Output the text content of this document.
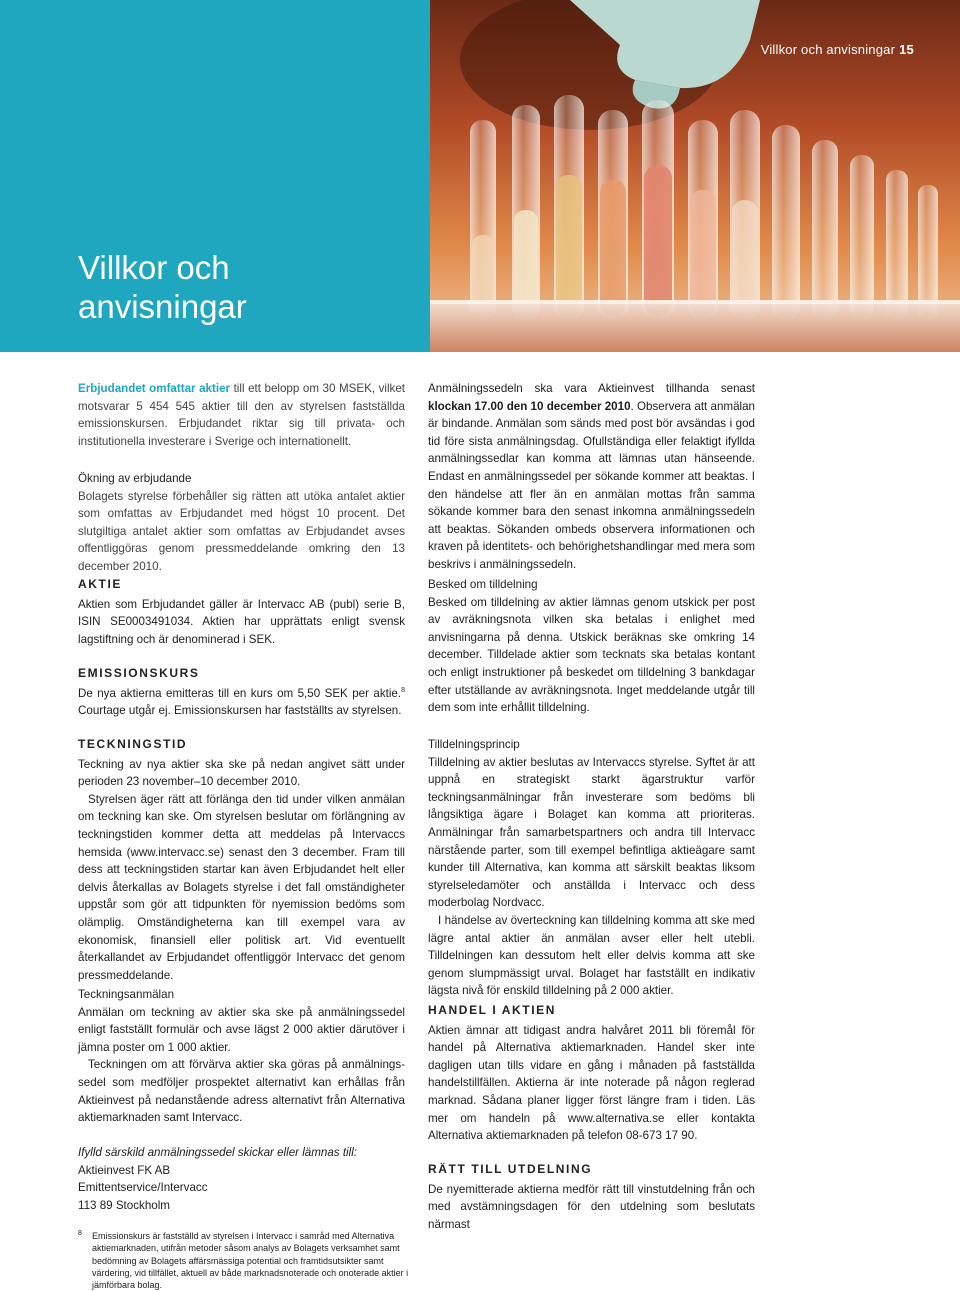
Villkor och
anvisningar
Villkor och anvisningar 15

Erbjudandet omfattar aktier till ett belopp om 30 MSEK, vilket motsvarar 5 454 545 aktier till den av styrelsen fastställda emissionskursen. Erbjudandet riktar sig till privata- och institutionella investerare i Sverige och internationellt.

Ökning av erbjudande

Bolagets styrelse förbehåller sig rätten att utöka antalet aktier som omfattas av Erbjudandet med högst 10 procent. Det slutgiltiga antalet aktier som omfattas av Erbjudandet avses offentliggöras genom pressmeddelande omkring den 13 december 2010.

AKTIE

Aktien som Erbjudandet gäller är Intervacc AB (publ) serie B, ISIN SE0003491034. Aktien har upprättats enligt svensk lagstiftning och är denominerad i SEK.

EMISSIONSKURS

De nya aktierna emitteras till en kurs om 5,50 SEK per aktie.$^8$ Courtage utgår ej. Emissionskursen har fastställts av styrelsen.

TECKNINGSTID

Teckning av nya aktier ska ske på nedan angivet sätt under perioden 23 november–10 december 2010.

Styrelsen äger rätt att förlänga den tid under vilken anmälan om teckning kan ske. Om styrelsen beslutar om förlängning av teckningstiden kommer detta att meddelas på Intervaccs hemsida (www.intervacc.se) senast den 3 december. Fram till dess att teckningstiden startar kan även Erbjudandet helt eller delvis återkallas av Bolagets styrelse i det fall omständigheter uppstår som gör att tidpunkten för nyemission bedöms som olämplig. Omständigheterna kan till exempel vara av ekonomisk, finansiell eller politisk art. Vid eventuellt återkallandet av Erbjudandet offentliggör Intervacc det genom pressmeddelande.

Teckningsanmälan

Anmälan om teckning av aktier ska ske på anmälningssedel enligt fastställt formulär och avse lägst 2 000 aktier därutöver i jämna poster om 1 000 aktier.

Teckningen om att förvärva aktier ska göras på anmälnings-sedel som medföljer prospektet alternativt kan erhållas från Aktieinvest på nedanstående adress alternativt från Alternativa aktiemarknaden samt Intervacc.

Ifylld särskild anmälningssedel skickar eller lämnas till:

Aktieinvest FK AB
Emittentservice/Intervacc
113 89 Stockholm

Anmälningssedeln ska vara Aktieinvest tillhanda senast klockan 17.00 den 10 december 2010. Observera att anmälan är bindande. Anmälan som sänds med post bör avsändas i god tid före sista anmälningsdag. Ofullständiga eller felaktigt ifyllda anmälningssedlar kan komma att lämnas utan hänseende. Endast en anmälningssedel per sökande kommer att beaktas. I den händelse att fler än en anmälan mottas från samma sökande kommer bara den senast inkomna anmälningssedeln att beaktas. Sökanden ombeds observera informationen och kraven på identitets- och behörighetshandlingar med mera som beskrivs i anmälningssedeln.

Besked om tilldelning

Besked om tilldelning av aktier lämnas genom utskick per post av avräkningsnota vilken ska betalas i enlighet med anvisningarna på denna. Utskick beräknas ske omkring 14 december. Tilldelade aktier som tecknats ska betalas kontant och enligt instruktioner på beskedet om tilldelning 3 bankdagar efter utställande av avräkningsnota. Inget meddelande utgår till dem som inte erhållit tilldelning.

Tilldelningsprincip

Tilldelning av aktier beslutas av Intervaccs styrelse. Syftet är att uppnå en strategiskt starkt ägarstruktur varför teckningsanmälningar från investerare som bedöms bli långsiktiga ägare i Bolaget kan komma att prioriteras. Anmälningar från samarbetspartners och andra till Intervacc närstående parter, som till exempel befintliga aktieägare samt kunder till Alternativa, kan komma att särskilt beaktas liksom styrelseledamöter och anställda i Intervacc och dess moderbolag Nordvacc.

I händelse av överteckning kan tilldelning komma att ske med lägre antal aktier än anmälan avser eller helt utebli. Tilldelningen kan dessutom helt eller delvis komma att ske genom slumpmässigt urval. Bolaget har fastställt en indikativ lägsta nivå för enskild tilldelning på 2 000 aktier.

HANDEL I AKTIEN

Aktien ämnar att tidigast andra halvåret 2011 bli föremål för handel på Alternativa aktiemarknaden. Handel sker inte dagligen utan tills vidare en gång i månaden på fastställda handelstillfällen. Aktierna är inte noterade på någon reglerad marknad. Sådana planer ligger först längre fram i tiden. Läs mer om handeln på www.alternativa.se eller kontakta Alternativa aktiemarknaden på telefon 08-673 17 90.

RÄTT TILL UTDELNING

De nyemitterade aktierna medför rätt till vinstutdelning från och med avstämningsdagen för den utdelning som beslutats närmast

8 Emissionskurs är fastställd av styrelsen i Intervacc i samråd med Alternativa aktiemarknaden, utifrån metoder såsom analys av Bolagets verksamhet samt bedömning av Bolagets affärsmässiga potential och framtidsutsikter samt värdering, vid tillfället, aktuell av både marknadsnoterade och onoterade aktier i jämförbara bolag.
